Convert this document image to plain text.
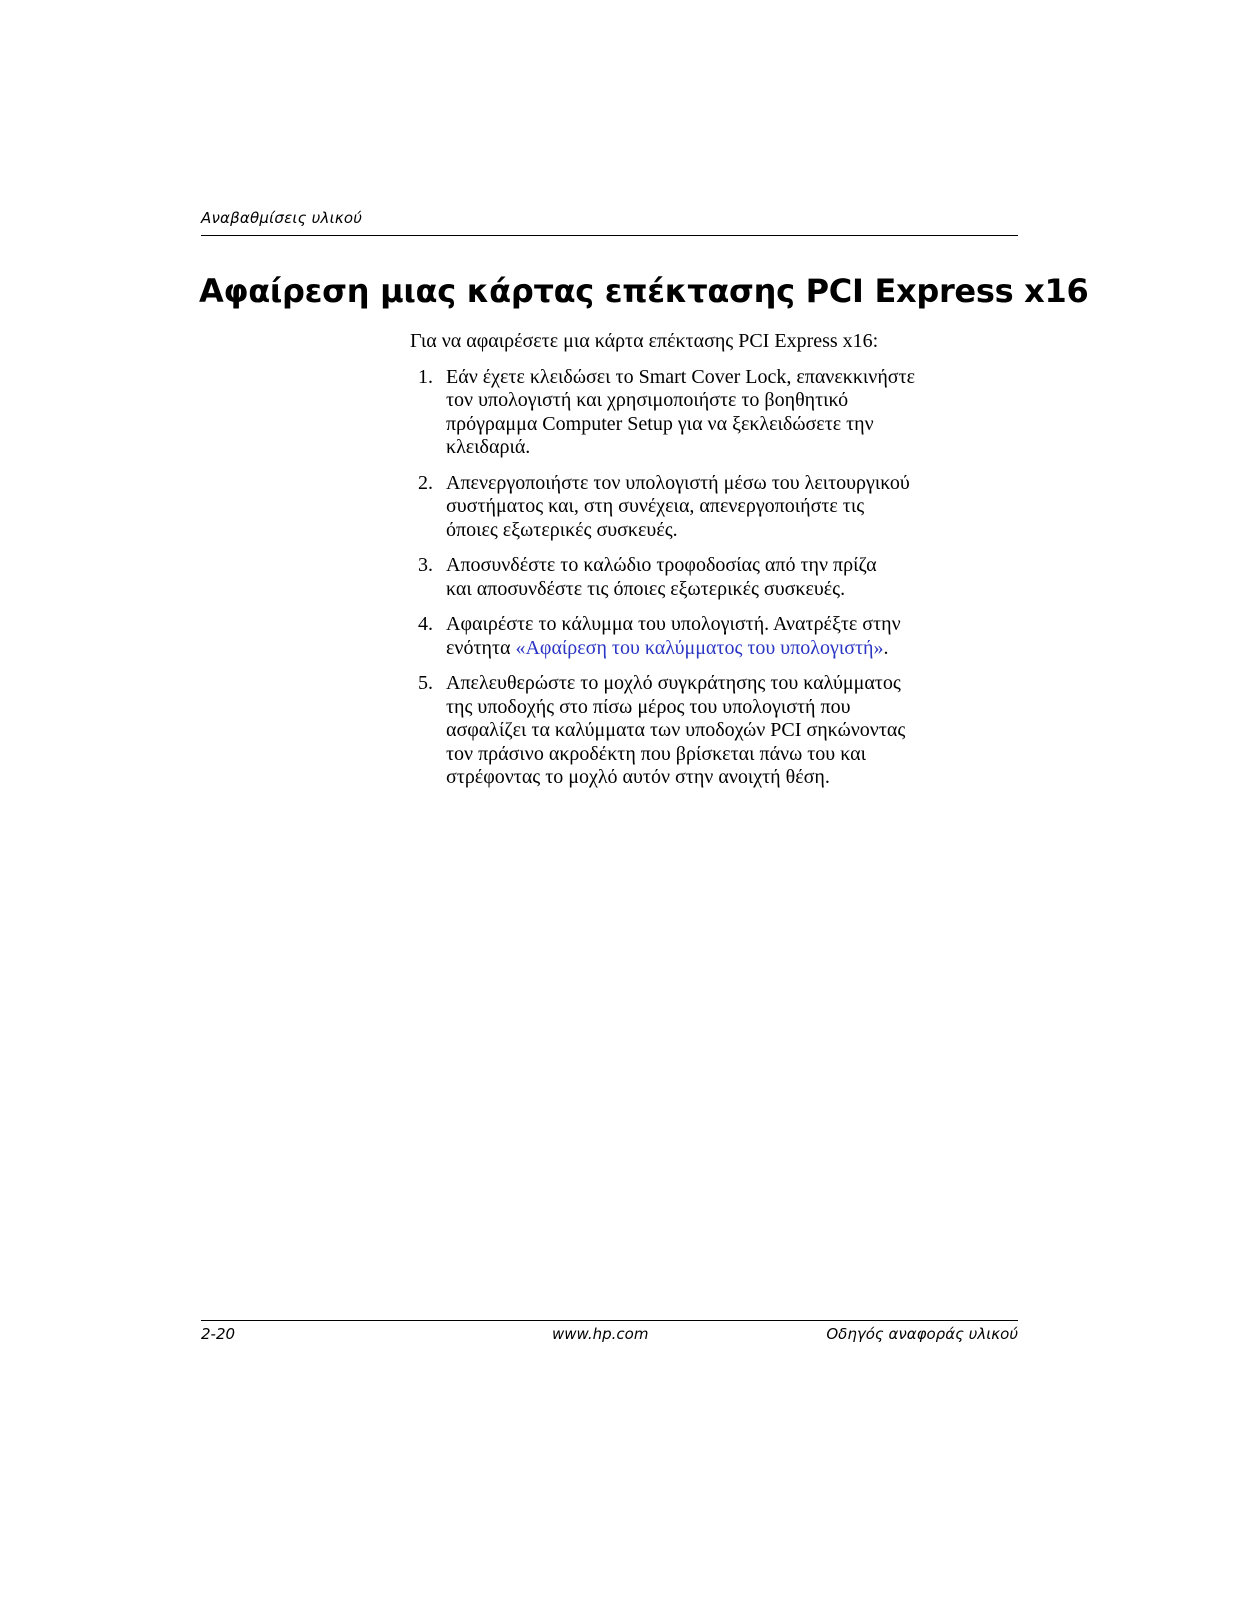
Αναβαθμίσεις υλικού
Αφαίρεση μιας κάρτας επέκτασης PCI Express x16

Για να αφαιρέσετε μια κάρτα επέκτασης PCI Express x16:

1. Εάν έχετε κλειδώσει το Smart Cover Lock, επανεκκινήστε
τον υπολογιστή και χρησιμοποιήστε το βοηθητικό
πρόγραμμα Computer Setup για να ξεκλειδώσετε την
κλειδαριά.
2. Απενεργοποιήστε τον υπολογιστή μέσω του λειτουργικού
συστήματος και, στη συνέχεια, απενεργοποιήστε τις
όποιες εξωτερικές συσκευές.
3. Αποσυνδέστε το καλώδιο τροφοδοσίας από την πρίζα
και αποσυνδέστε τις όποιες εξωτερικές συσκευές.
4. Αφαιρέστε το κάλυμμα του υπολογιστή. Ανατρέξτε στην
ενότητα «Αφαίρεση του καλύμματος του υπολογιστή».
5. Απελευθερώστε το μοχλό συγκράτησης του καλύμματος
της υποδοχής στο πίσω μέρος του υπολογιστή που
ασφαλίζει τα καλύμματα των υποδοχών PCI σηκώνοντας
τον πράσινο ακροδέκτη που βρίσκεται πάνω του και
στρέφοντας το μοχλό αυτόν στην ανοιχτή θέση.
2-20	www.hp.com	Οδηγός αναφοράς υλικού
